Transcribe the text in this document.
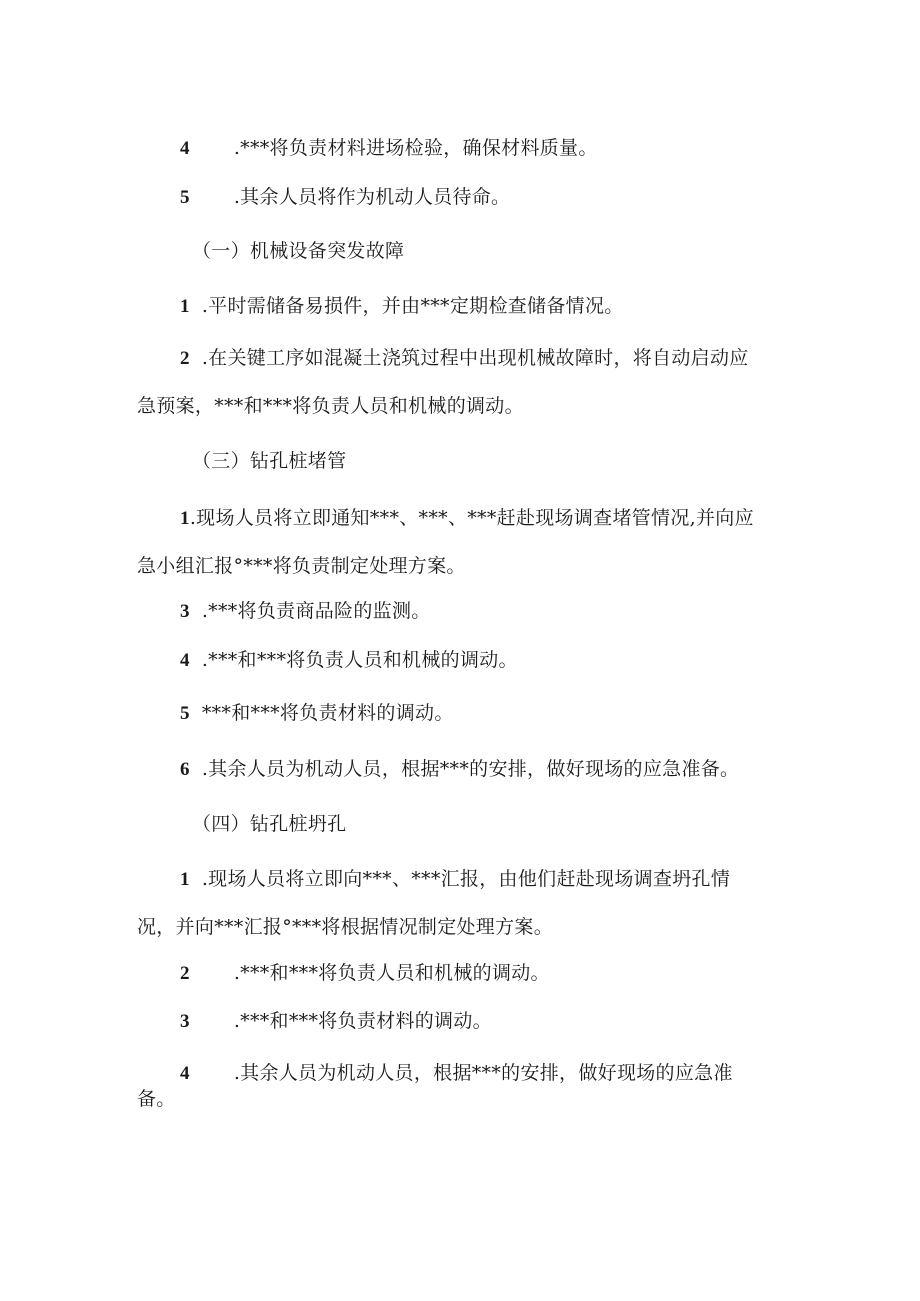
4 .***将负责材料进场检验，确保材料质量。
5 .其余人员将作为机动人员待命。
（一）机械设备突发故障
1 .平时需储备易损件，并由***定期检查储备情况。
2 .在关键工序如混凝土浇筑过程中出现机械故障时，将自动启动应
急预案，***和***将负责人员和机械的调动。
（三）钻孔桩堵管
1.现场人员将立即通知***、***、***赶赴现场调查堵管情况,并向应
急小组汇报°***将负责制定处理方案。
3 .***将负责商品险的监测。
4 .***和***将负责人员和机械的调动。
5 ***和***将负责材料的调动。
6 .其余人员为机动人员，根据***的安排，做好现场的应急准备。
（四）钻孔桩坍孔
1 .现场人员将立即向***、***汇报，由他们赶赴现场调查坍孔情
况，并向***汇报°***将根据情况制定处理方案。
2 .***和***将负责人员和机械的调动。
3 .***和***将负责材料的调动。
4 .其余人员为机动人员，根据***的安排，做好现场的应急准
备。
